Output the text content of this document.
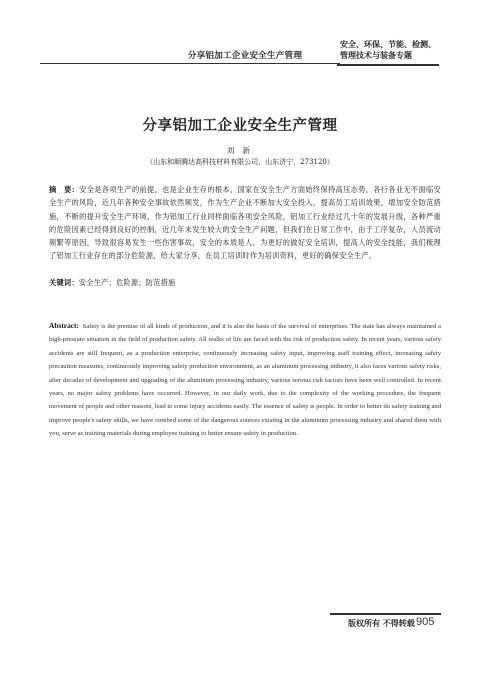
分享铝加工企业安全生产管理
安全、环保、节能、检测、
管理技术与装备专题
分享铝加工企业安全生产管理
刘 新
（山东和顺腾达高科技材料有限公司，山东济宁，273120）
摘　要：安全是各项生产的前提，也是企业生存的根本，国家在安全生产方面始终保持高压态势，各行各业无不面临安全生产的风险，近几年各种安全事故依然频发，作为生产企业不断加大安全投入，提高员工培训效果，增加安全防范措施，不断的提升安全生产环境，作为铝加工行业同样面临各项安全风险，铝加工行业经过几十年的发展升级，各种严重的危险因素已经得到良好的控制，近几年未发生较大的安全生产问题，但我们在日常工作中，由于工序复杂，人员流动频繁等原因，导致很容易发生一些伤害事故，安全的本质是人，为更好的做好安全培训，提高人的安全技能，我们梳理了铝加工行业存在的部分危险源，给大家分享，在员工培训时作为培训资料，更好的确保安全生产。
关键词：安全生产；危险源；防范措施
Abstract: Safety is the premise of all kinds of production, and it is also the basis of the survival of enterprises. The state has always maintained a high-pressure situation in the field of production safety. All walks of life are faced with the risk of production safety. In recent years, various safety accidents are still frequent, as a production enterprise, continuously increasing safety input, improving staff training effect, increasing safety precaution measures, continuously improving safety production environment, as an aluminum processing industry, it also faces various safety risks, after decades of development and upgrading of the aluminum processing industry, various serious risk factors have been well controlled. In recent years, no major safety problems have occurred. However, in our daily work, due to the complexity of the working procedure, the frequent movement of people and other reasons, lead to some injury accidents easily. The essence of safety is people. In order to better do safety training and improve people's safety skills, we have combed some of the dangerous sources existing in the aluminum processing industry and shared them with you, serve as training materials during employee training to better ensure safety in production.
版权所有 不得转载 905
